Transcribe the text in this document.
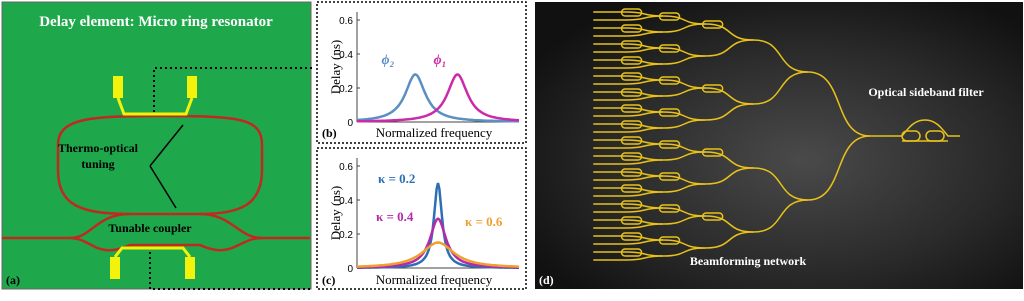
Delay element: Micro ring resonator
Thermo-optical
tuning
Tunable coupler
(a)
0
0.2
0.4
0.6
Delay (ns)
Normalized frequency
(b)
ϕ₂	ϕ₁
0
0.2
0.4
0.6
Delay (ns)
Normalized frequency
(c)
κ = 0.2
κ = 0.4	κ = 0.6
Optical sideband filter
Beamforming network
(d)
